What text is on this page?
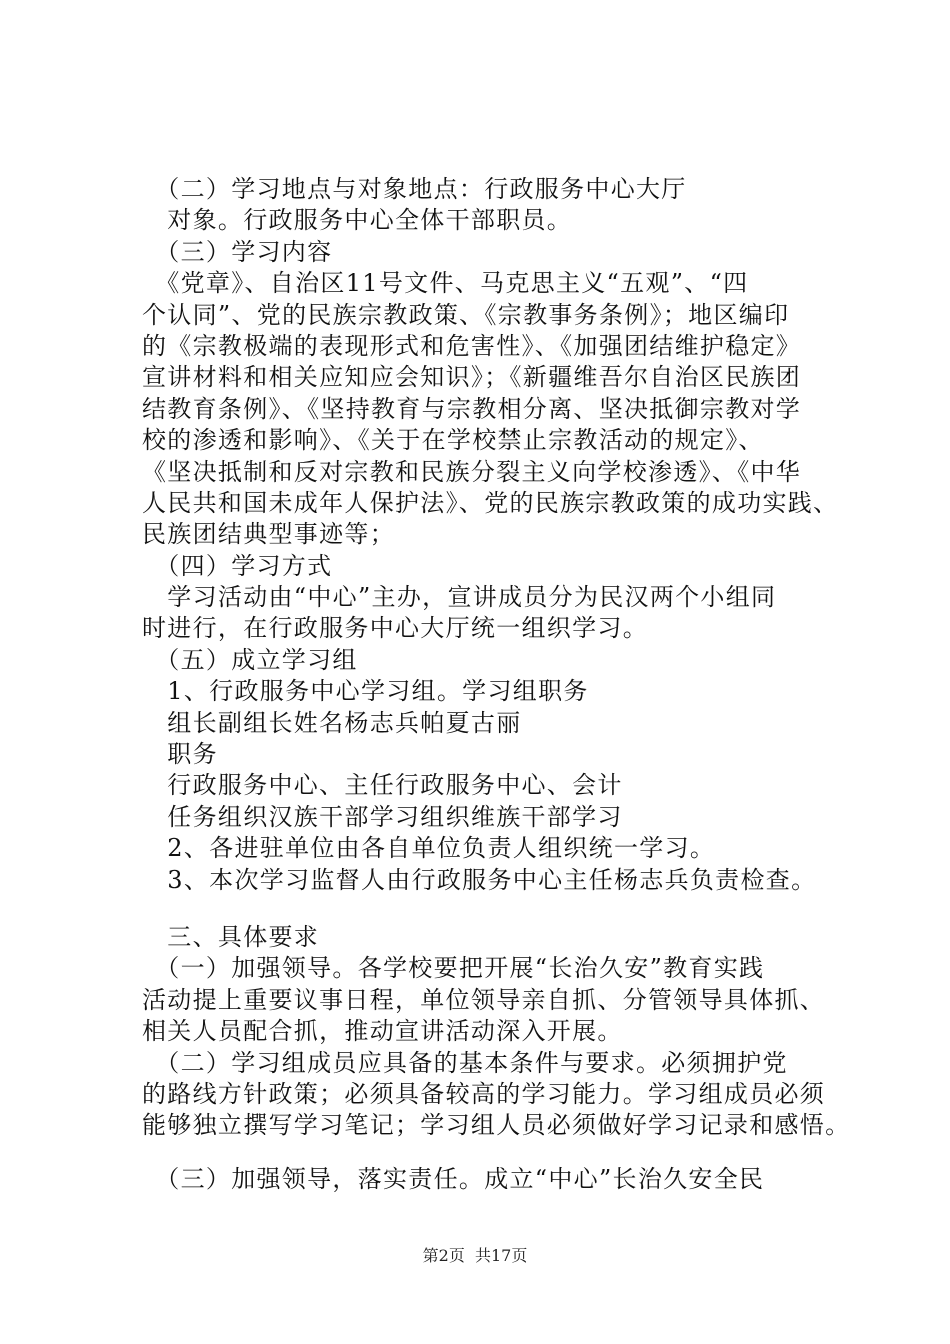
　（二）学习地点与对象地点：行政服务中心大厅
　对象。行政服务中心全体干部职员。
　（三）学习内容
　《党章》、自治区11号文件、马克思主义“五观”、“四
个认同”、党的民族宗教政策、《宗教事务条例》；地区编印
的《宗教极端的表现形式和危害性》、《加强团结维护稳定》
宣讲材料和相关应知应会知识》；《新疆维吾尔自治区民族团
结教育条例》、《坚持教育与宗教相分离、坚决抵御宗教对学
校的渗透和影响》、《关于在学校禁止宗教活动的规定》、
《坚决抵制和反对宗教和民族分裂主义向学校渗透》、《中华
人民共和国未成年人保护法》、党的民族宗教政策的成功实践、
民族团结典型事迹等；
　（四）学习方式
　学习活动由“中心”主办，宣讲成员分为民汉两个小组同
时进行，在行政服务中心大厅统一组织学习。
　（五）成立学习组
　1、行政服务中心学习组。学习组职务
　组长副组长姓名杨志兵帕夏古丽
　职务
　行政服务中心、主任行政服务中心、会计
　任务组织汉族干部学习组织维族干部学习
　2、各进驻单位由各自单位负责人组织统一学习。
　3、本次学习监督人由行政服务中心主任杨志兵负责检查。
　三、具体要求
　（一）加强领导。各学校要把开展“长治久安”教育实践
活动提上重要议事日程，单位领导亲自抓、分管领导具体抓、
相关人员配合抓，推动宣讲活动深入开展。
　（二）学习组成员应具备的基本条件与要求。必须拥护党
的路线方针政策；必须具备较高的学习能力。学习组成员必须
能够独立撰写学习笔记；学习组人员必须做好学习记录和感悟。
　（三）加强领导，落实责任。成立“中心”长治久安全民
第2页  共17页
